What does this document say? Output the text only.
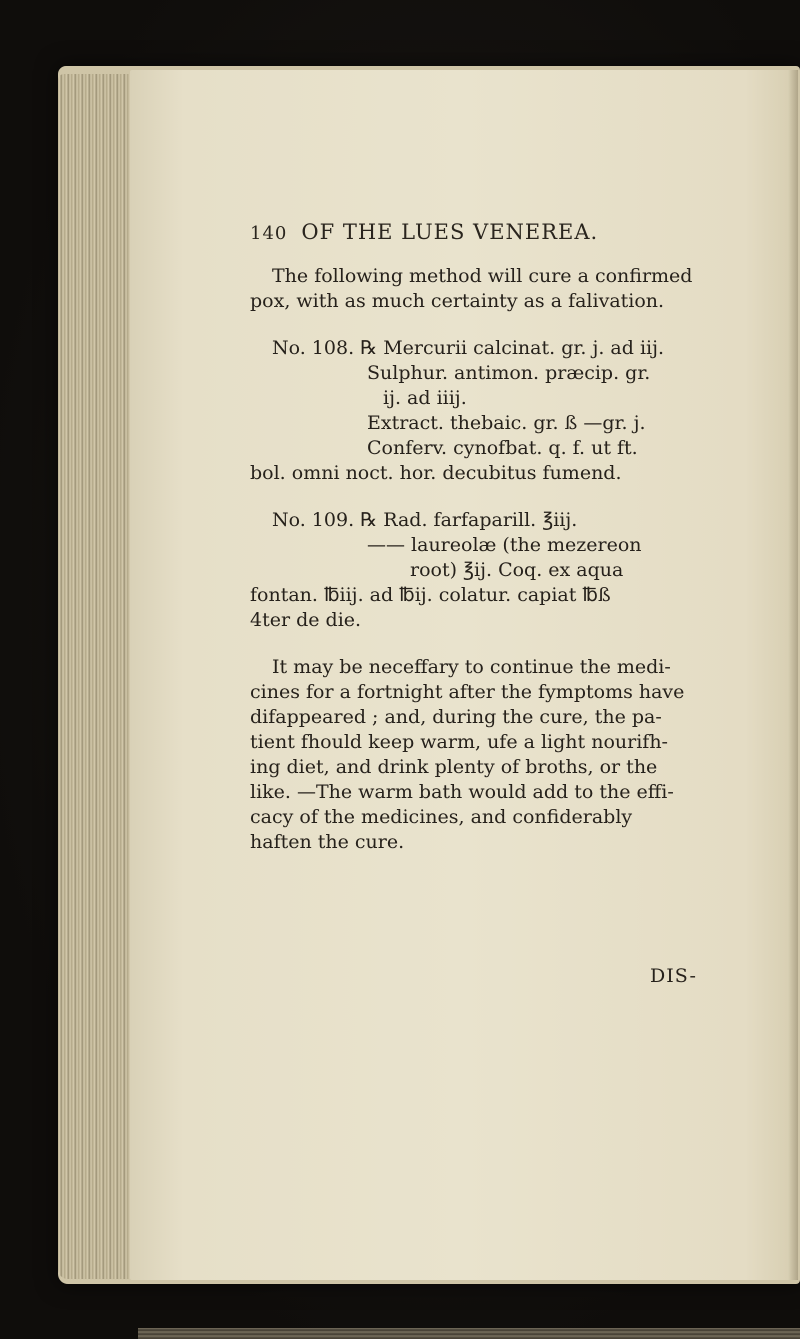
140 OF THE LUES VENEREA.
The following method will cure a confirmed
pox, with as much certainty as a falivation.
No. 108. ℞ Mercurii calcinat. gr. j. ad iij.
Sulphur. antimon. præcip. gr.
ij. ad iiij.
Extract. thebaic. gr. ß —gr. j.
Conferv. cynofbat. q. f. ut ft.
bol. omni noct. hor. decubitus fumend.
No. 109. ℞ Rad. farfaparill. ℥iij.
—— laureolæ (the mezereon
root) ℥ij. Coq. ex aqua
fontan. ℔iij. ad ℔ij. colatur. capiat ℔ß
4ter de die.
It may be neceffary to continue the medi-
cines for a fortnight after the fymptoms have
difappeared ; and, during the cure, the pa-
tient fhould keep warm, ufe a light nourifh-
ing diet, and drink plenty of broths, or the
like. —The warm bath would add to the effi-
cacy of the medicines, and confiderably
haften the cure.
DIS-
